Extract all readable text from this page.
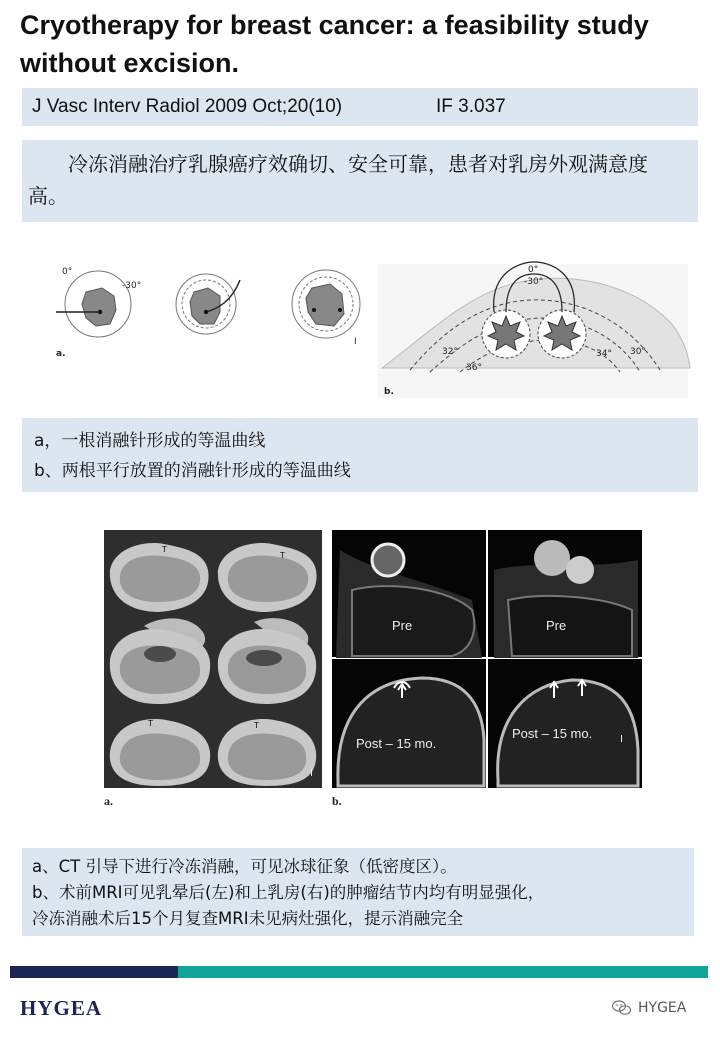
Cryotherapy for breast cancer: a feasibility study without excision.
J Vasc Interv Radiol 2009 Oct;20(10)	IF 3.037
冷冻消融治疗乳腺癌疗效确切、安全可靠，患者对乳房外观满意度高。
0°
-30°
a.
I
0°
-30°
32°
36°
34° 30°
b.
a，一根消融针形成的等温曲线
b、两根平行放置的消融针形成的等温曲线
T
T
T	T
I
a.
Pre	Pre
Post – 15 mo.
Post – 15 mo.	I
b.
a、CT 引导下进行冷冻消融，可见冰球征象（低密度区）。
b、术前MRI可见乳晕后(左)和上乳房(右)的肿瘤结节内均有明显强化，
冷冻消融术后15个月复查MRI未见病灶强化，提示消融完全
HYGEA	HYGEA
